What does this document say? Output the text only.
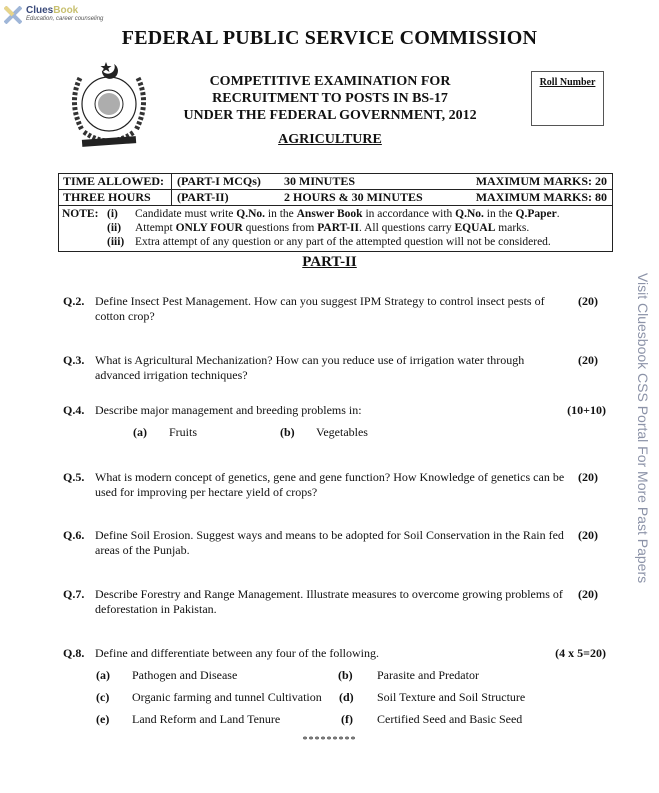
CluesBook
Education, career counseling
FEDERAL PUBLIC SERVICE COMMISSION
COMPETITIVE EXAMINATION FOR
RECRUITMENT TO POSTS IN BS-17
UNDER THE FEDERAL GOVERNMENT, 2012
AGRICULTURE
Roll Number
TIME ALLOWED:	(PART-I MCQs)	30 MINUTES	MAXIMUM MARKS: 20
THREE HOURS	(PART-II)	2 HOURS & 30 MINUTES	MAXIMUM MARKS: 80
NOTE: (i)	Candidate must write Q.No. in the Answer Book in accordance with Q.No. in the Q.Paper.
(ii)	Attempt ONLY FOUR questions from PART-II. All questions carry EQUAL marks.
(iii) Extra attempt of any question or any part of the attempted question will not be considered.
PART-II
Q.2. Define Insect Pest Management. How can you suggest IPM Strategy to control insect pests of cotton crop?
(20)
Q.3. What is Agricultural Mechanization? How can you reduce use of irrigation water through advanced irrigation techniques?
(20)
Q.4. Describe major management and breeding problems in:	(10+10)
(a) Fruits	(b) Vegetables
Q.5. What is modern concept of genetics, gene and gene function? How Knowledge of genetics can be used for improving per hectare yield of crops?
(20)
Q.6. Define Soil Erosion. Suggest ways and means to be adopted for Soil Conservation in the Rain fed areas of the Punjab.
(20)
Q.7. Describe Forestry and Range Management. Illustrate measures to overcome growing problems of deforestation in Pakistan.
(20)
Q.8. Define and differentiate between any four of the following.	(4 x 5=20)
(a) Pathogen and Disease	(b) Parasite and Predator
(c) Organic farming and tunnel Cultivation (d) Soil Texture and Soil Structure
(e) Land Reform and Land Tenure	(f) Certified Seed and Basic Seed
*********
Visit Cluesbook CSS Portal For More Past Papers
